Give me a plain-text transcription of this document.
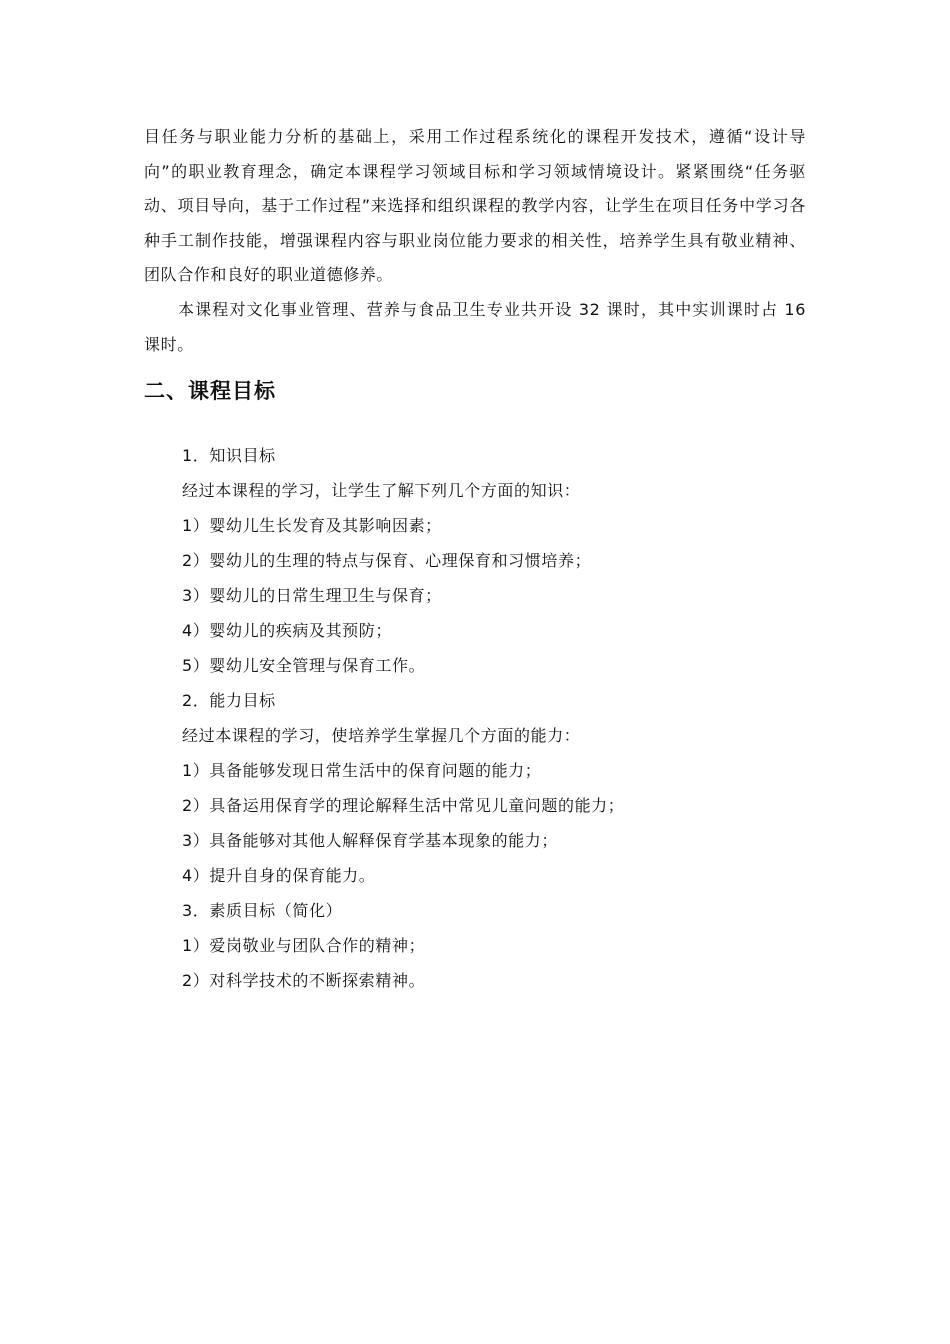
目任务与职业能力分析的基础上，采用工作过程系统化的课程开发技术，遵循“设计导向”的职业教育理念，确定本课程学习领域目标和学习领域情境设计。紧紧围绕“任务驱动、项目导向，基于工作过程”来选择和组织课程的教学内容，让学生在项目任务中学习各种手工制作技能，增强课程内容与职业岗位能力要求的相关性，培养学生具有敬业精神、团队合作和良好的职业道德修养。

本课程对文化事业管理、营养与食品卫生专业共开设 32 课时，其中实训课时占 16 课时。

二、课程目标
1．知识目标
经过本课程的学习，让学生了解下列几个方面的知识：
1）婴幼儿生长发育及其影响因素；
2）婴幼儿的生理的特点与保育、心理保育和习惯培养；
3）婴幼儿的日常生理卫生与保育；
4）婴幼儿的疾病及其预防；
5）婴幼儿安全管理与保育工作。
2．能力目标
经过本课程的学习，使培养学生掌握几个方面的能力：
1）具备能够发现日常生活中的保育问题的能力；
2）具备运用保育学的理论解释生活中常见儿童问题的能力；
3）具备能够对其他人解释保育学基本现象的能力；
4）提升自身的保育能力。
3．素质目标（简化）
1）爱岗敬业与团队合作的精神；
2）对科学技术的不断探索精神。
